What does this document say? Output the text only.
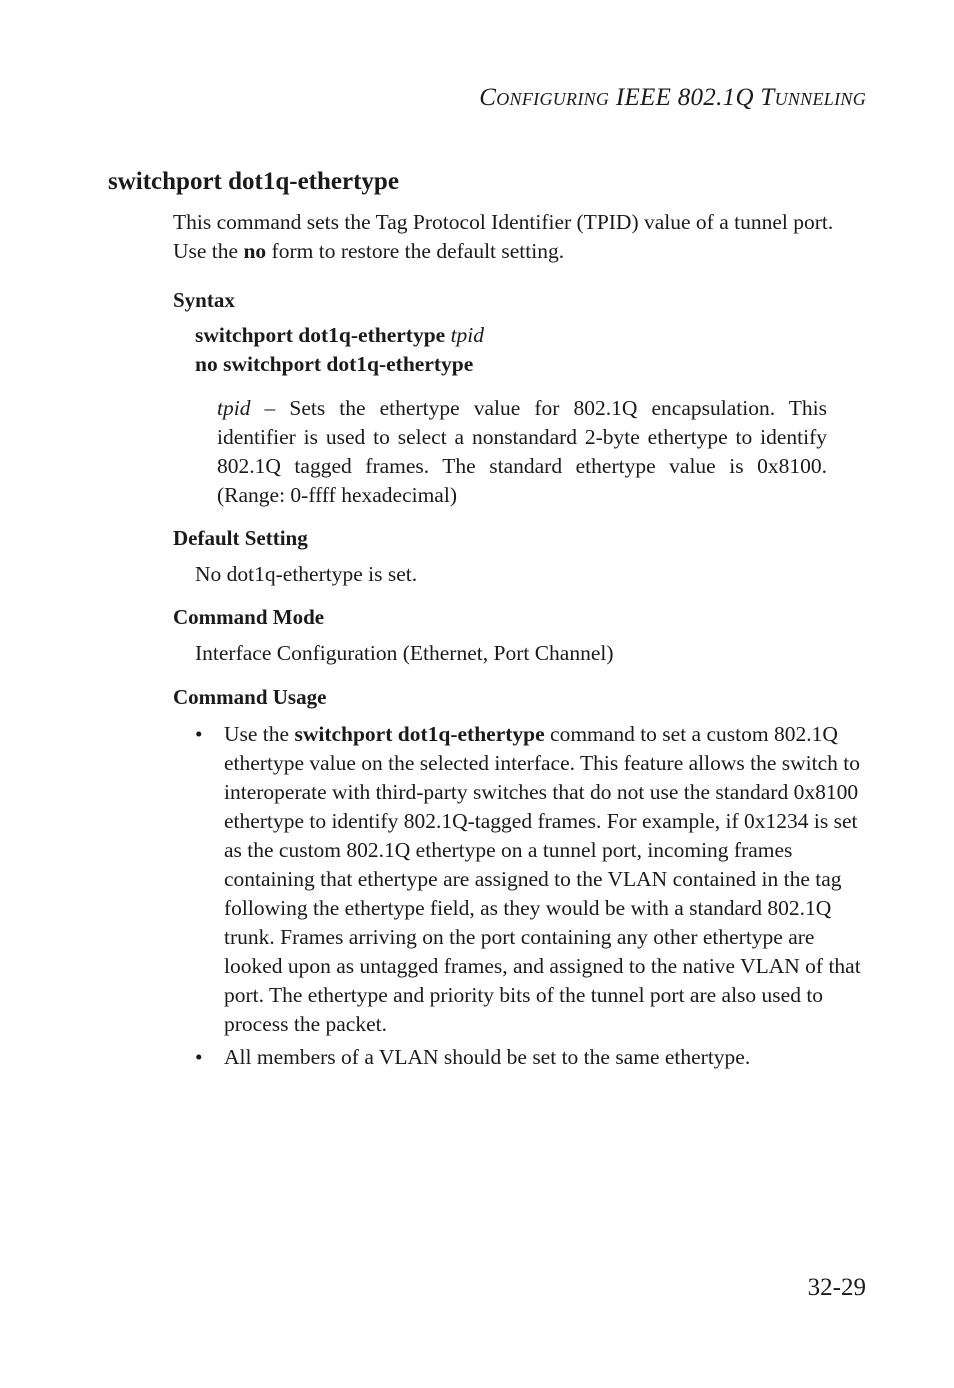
CONFIGURING IEEE 802.1Q TUNNELING
switchport dot1q-ethertype
This command sets the Tag Protocol Identifier (TPID) value of a tunnel port. Use the no form to restore the default setting.
Syntax
switchport dot1q-ethertype tpid
no switchport dot1q-ethertype
tpid – Sets the ethertype value for 802.1Q encapsulation. This identifier is used to select a nonstandard 2-byte ethertype to identify 802.1Q tagged frames. The standard ethertype value is 0x8100. (Range: 0-ffff hexadecimal)
Default Setting
No dot1q-ethertype is set.
Command Mode
Interface Configuration (Ethernet, Port Channel)
Command Usage
• Use the switchport dot1q-ethertype command to set a custom 802.1Q ethertype value on the selected interface. This feature allows the switch to interoperate with third-party switches that do not use the standard 0x8100 ethertype to identify 802.1Q-tagged frames. For example, if 0x1234 is set as the custom 802.1Q ethertype on a tunnel port, incoming frames containing that ethertype are assigned to the VLAN contained in the tag following the ethertype field, as they would be with a standard 802.1Q trunk. Frames arriving on the port containing any other ethertype are looked upon as untagged frames, and assigned to the native VLAN of that port. The ethertype and priority bits of the tunnel port are also used to process the packet.
• All members of a VLAN should be set to the same ethertype.
32-29
